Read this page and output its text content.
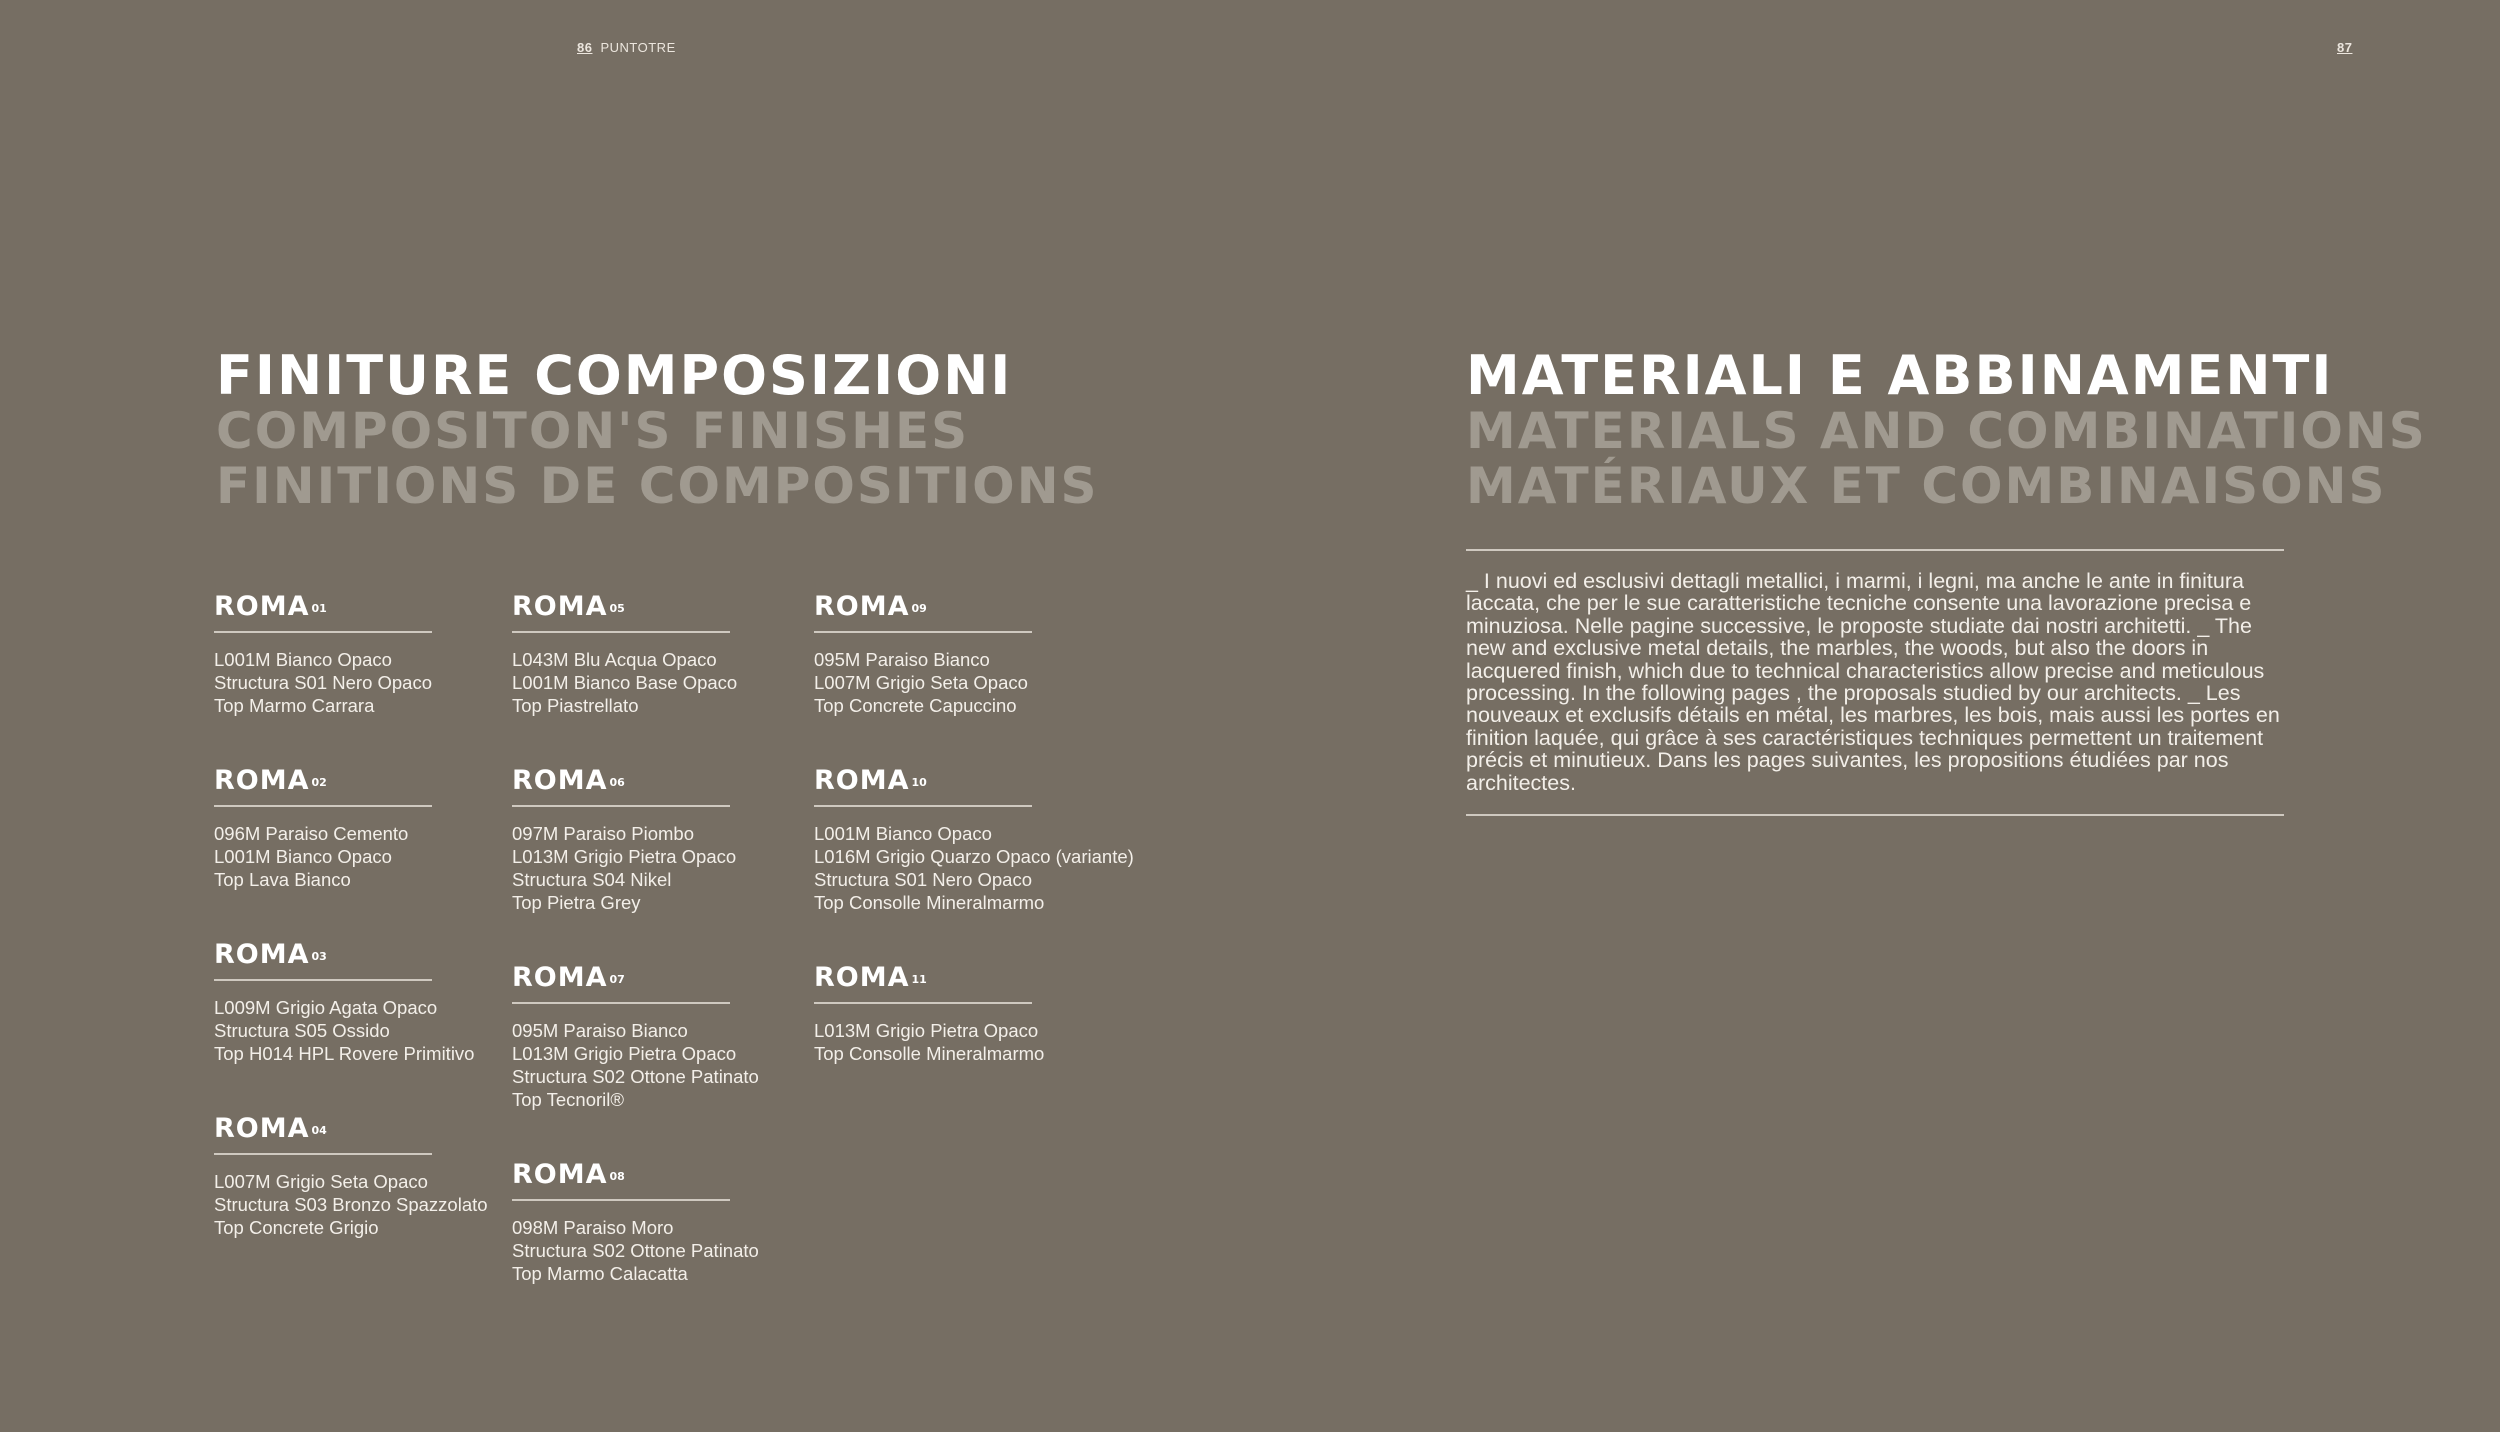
86 PUNTOTRE	87
FINITURE COMPOSIZIONI
COMPOSITON'S FINISHES
FINITIONS DE COMPOSITIONS
MATERIALI E ABBINAMENTI
MATERIALS AND COMBINATIONS
MATÉRIAUX ET COMBINAISONS
_ I nuovi ed esclusivi dettagli metallici, i marmi, i legni, ma anche le ante in finitura laccata, che per le sue caratteristiche tecniche consente una lavorazione precisa e minuziosa. Nelle pagine successive, le proposte studiate dai nostri architetti. _ The new and exclusive metal details, the marbles, the woods, but also the doors in lacquered finish, which due to technical characteristics allow precise and meticulous processing. In the following pages , the proposals studied by our architects. _ Les nouveaux et exclusifs détails en métal, les marbres, les bois, mais aussi les portes en finition laquée, qui grâce à ses caractéristiques techniques permettent un traitement précis et minutieux. Dans les pages suivantes, les propositions étudiées par nos architectes.
ROMA $^{01}$
L001M Bianco Opaco
Structura S01 Nero Opaco
Top Marmo Carrara
ROMA $^{02}$
096M Paraiso Cemento
L001M Bianco Opaco
Top Lava Bianco
ROMA $^{03}$
L009M Grigio Agata Opaco
Structura S05 Ossido
Top H014 HPL Rovere Primitivo
ROMA $^{04}$
L007M Grigio Seta Opaco
Structura S03 Bronzo Spazzolato
Top Concrete Grigio
ROMA $^{05}$
L043M Blu Acqua Opaco
L001M Bianco Base Opaco
Top Piastrellato
ROMA $^{06}$
097M Paraiso Piombo
L013M Grigio Pietra Opaco
Structura S04 Nikel
Top Pietra Grey
ROMA $^{07}$
095M Paraiso Bianco
L013M Grigio Pietra Opaco
Structura S02 Ottone Patinato
Top Tecnoril®
ROMA $^{08}$
098M Paraiso Moro
Structura S02 Ottone Patinato
Top Marmo Calacatta
ROMA $^{09}$
095M Paraiso Bianco
L007M Grigio Seta Opaco
Top Concrete Capuccino
ROMA $^{10}$
L001M Bianco Opaco
L016M Grigio Quarzo Opaco (variante)
Structura S01 Nero Opaco
Top Consolle Mineralmarmo
ROMA $^{11}$
L013M Grigio Pietra Opaco
Top Consolle Mineralmarmo
